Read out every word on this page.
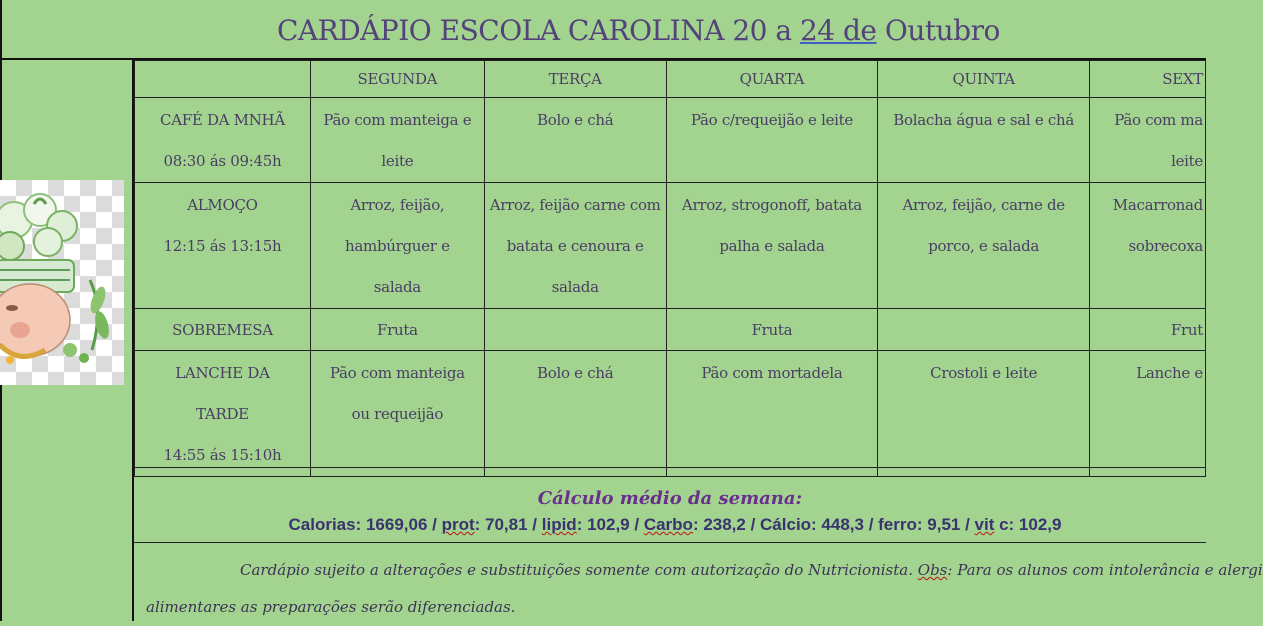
CARDÁPIO ESCOLA CAROLINA 20 a 24 de Outubro
	SEGUNDA	TERÇA	QUARTA	QUINTA	SEXT

CAFÉ DA MNHÃ
08:30 ás 09:45h	Pão com manteiga e leite	Bolo e chá	Pão c/requeijão e leite	Bolacha água e sal e chá	Pão com ma leite

ALMOÇO
12:15 ás 13:15h	Arroz, feijão, hambúrguer e salada	Arroz, feijão carne com batata e cenoura e salada	Arroz, strogonoff, batata palha e salada	Arroz, feijão, carne de porco, e salada	Macarronad sobrecoxa

SOBREMESA	Fruta		Fruta		Frut

LANCHE DA TARDE
14:55 ás 15:10h	Pão com manteiga ou requeijão	Bolo e chá	Pão com mortadela	Crostoli e leite	Lanche e
Cálculo médio da semana:
Calorias: 1669,06 / prot: 70,81 / lipid: 102,9 / Carbo: 238,2 / Cálcio: 448,3 / ferro: 9,51 / vit c: 102,9
Cardápio sujeito a alterações e substituições somente com autorização do Nutricionista. Obs: Para os alunos com intolerância e alergi
alimentares as preparações serão diferenciadas.
